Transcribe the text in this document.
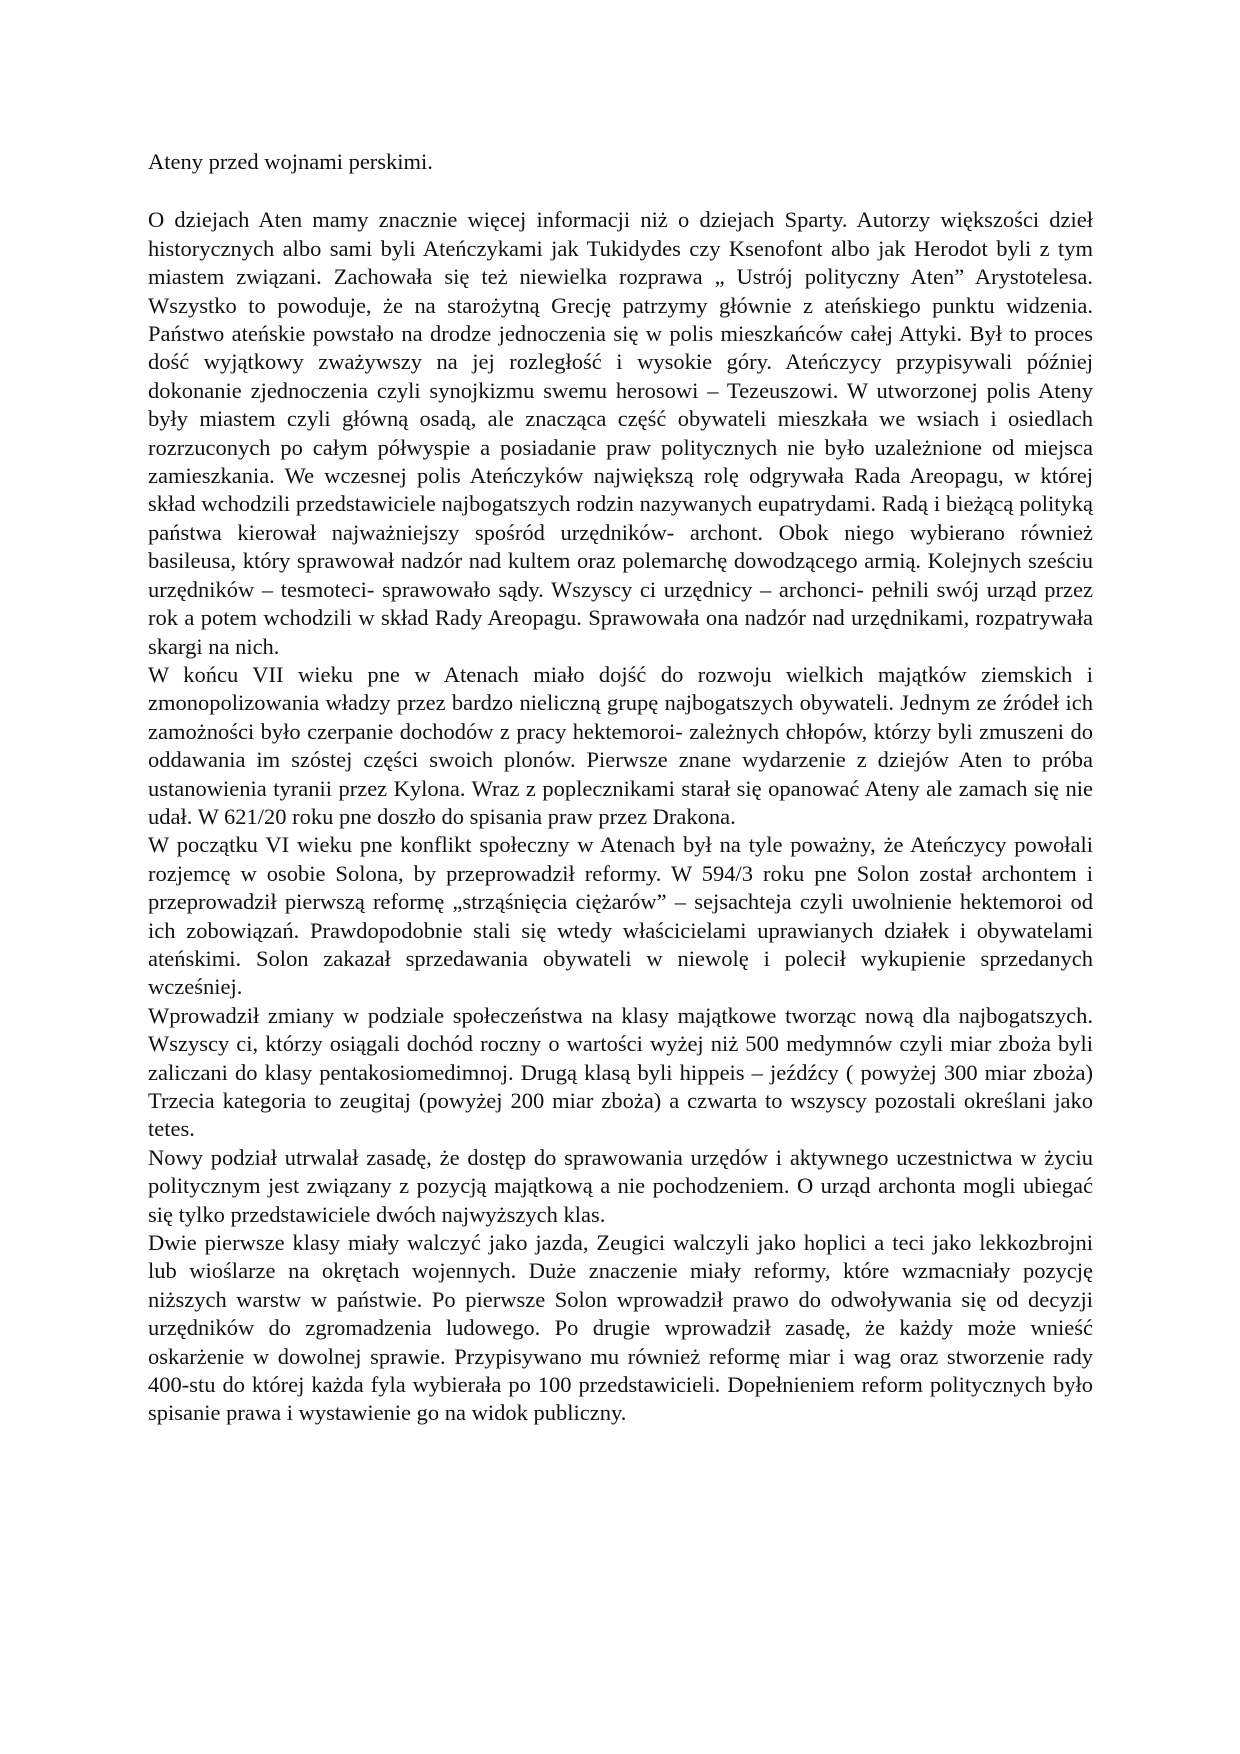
Ateny przed wojnami perskimi.

O dziejach Aten mamy znacznie więcej informacji niż o dziejach Sparty. Autorzy większości dzieł historycznych albo sami byli Ateńczykami jak Tukidydes czy Ksenofont albo jak Herodot byli z tym miastem związani. Zachowała się też niewielka rozprawa „ Ustrój polityczny Aten” Arystotelesa. Wszystko to powoduje, że na starożytną Grecję patrzymy głównie z ateńskiego punktu widzenia. Państwo ateńskie powstało na drodze jednoczenia się w polis mieszkańców całej Attyki. Był to proces dość wyjątkowy zważywszy na jej rozległość i wysokie góry. Ateńczycy przypisywali później dokonanie zjednoczenia czyli synojkizmu swemu herosowi – Tezeuszowi. W utworzonej polis Ateny były miastem czyli główną osadą, ale znacząca część obywateli mieszkała we wsiach i osiedlach rozrzuconych po całym półwyspie a posiadanie praw politycznych nie było uzależnione od miejsca zamieszkania. We wczesnej polis Ateńczyków największą rolę odgrywała Rada Areopagu, w której skład wchodzili przedstawiciele najbogatszych rodzin nazywanych eupatrydami. Radą i bieżącą polityką państwa kierował najważniejszy spośród urzędników- archont. Obok niego wybierano również basileusa, który sprawował nadzór nad kultem oraz polemarchę dowodzącego armią. Kolejnych sześciu urzędników – tesmoteci- sprawowało sądy. Wszyscy ci urzędnicy – archonci- pełnili swój urząd przez rok a potem wchodzili w skład Rady Areopagu. Sprawowała ona nadzór nad urzędnikami, rozpatrywała skargi na nich.

W końcu VII wieku pne w Atenach miało dojść do rozwoju wielkich majątków ziemskich i zmonopolizowania władzy przez bardzo nieliczną grupę najbogatszych obywateli. Jednym ze źródeł ich zamożności było czerpanie dochodów z pracy hektemoroi- zależnych chłopów, którzy byli zmuszeni do oddawania im szóstej części swoich plonów. Pierwsze znane wydarzenie z dziejów Aten to próba ustanowienia tyranii przez Kylona. Wraz z poplecznikami starał się opanować Ateny ale zamach się nie udał. W 621/20 roku pne doszło do spisania praw przez Drakona.

W początku VI wieku pne konflikt społeczny w Atenach był na tyle poważny, że Ateńczycy powołali rozjemcę w osobie Solona, by przeprowadził reformy. W 594/3 roku pne Solon został archontem i przeprowadził pierwszą reformę „strząśnięcia ciężarów” – sejsachteja czyli uwolnienie hektemoroi od ich zobowiązań. Prawdopodobnie stali się wtedy właścicielami uprawianych działek i obywatelami ateńskimi. Solon zakazał sprzedawania obywateli w niewolę i polecił wykupienie sprzedanych wcześniej.

Wprowadził zmiany w podziale społeczeństwa na klasy majątkowe tworząc nową dla najbogatszych. Wszyscy ci, którzy osiągali dochód roczny o wartości wyżej niż 500 medymnów czyli miar zboża byli zaliczani do klasy pentakosiomedimnoj. Drugą klasą byli hippeis – jeźdźcy ( powyżej 300 miar zboża) Trzecia kategoria to zeugitaj (powyżej 200 miar zboża) a czwarta to wszyscy pozostali określani jako tetes.

Nowy podział utrwalał zasadę, że dostęp do sprawowania urzędów i aktywnego uczestnictwa w życiu politycznym jest związany z pozycją majątkową a nie pochodzeniem. O urząd archonta mogli ubiegać się tylko przedstawiciele dwóch najwyższych klas.

Dwie pierwsze klasy miały walczyć jako jazda, Zeugici walczyli jako hoplici a teci jako lekkozbrojni lub wioślarze na okrętach wojennych. Duże znaczenie miały reformy, które wzmacniały pozycję niższych warstw w państwie. Po pierwsze Solon wprowadził prawo do odwoływania się od decyzji urzędników do zgromadzenia ludowego. Po drugie wprowadził zasadę, że każdy może wnieść oskarżenie w dowolnej sprawie. Przypisywano mu również reformę miar i wag oraz stworzenie rady 400-stu do której każda fyla wybierała po 100 przedstawicieli. Dopełnieniem reform politycznych było spisanie prawa i wystawienie go na widok publiczny.
